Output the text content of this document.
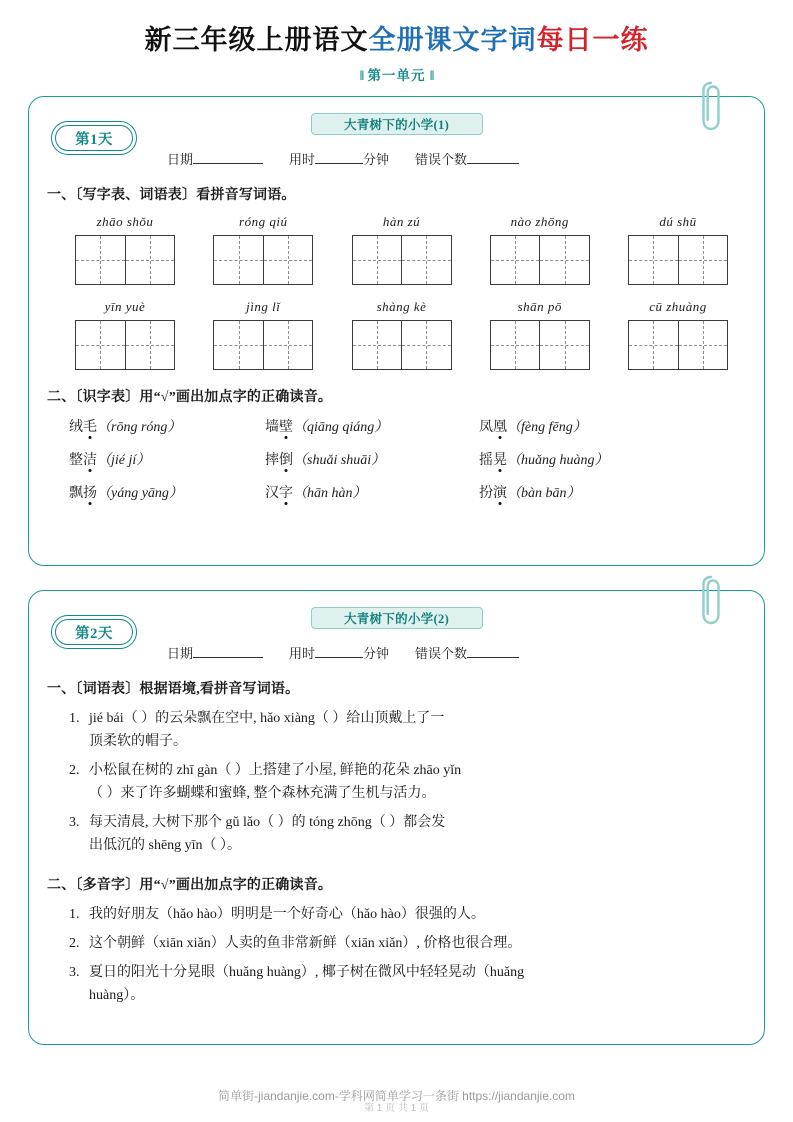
新三年级上册语文全册课文字词每日一练
‖ 第一单元 ‖
第1天
大青树下的小学(1)
日期	用时	分钟 错误个数
一、〔写字表、词语表〕看拼音写词语。
zhāo shǒu	róng qiú	hàn zú	nào zhōng	dú shū
yīn yuè	jìng lǐ	shàng kè	shān pō	cū zhuàng
二、〔识字表〕用“√”画出加点字的正确读音。
绒毛（rōng róng）	墙壁（qiāng qiáng）	凤凰（fèng fēng）
整洁（jié jí）	摔倒（shuǎi shuāi）	摇晃（huǎng huàng）
飘扬（yáng yāng）	汉字（hān hàn）	扮演（bàn bān）
第2天
大青树下的小学(2)
日期	用时	分钟 错误个数
一、〔词语表〕根据语境,看拼音写词语。
1. jié bái（ ）的云朵飘在空中, hǎo xiàng（ ）给山顶戴上了一
顶柔软的帽子。
2. 小松鼠在树的 zhī gàn（ ）上搭建了小屋, 鲜艳的花朵 zhāo yǐn
（ ）来了许多蝴蝶和蜜蜂, 整个森林充满了生机与活力。
3. 每天清晨, 大树下那个 gǔ lǎo（ ）的 tóng zhōng（ ）都会发
出低沉的 shēng yīn（ ）。
二、〔多音字〕用“√”画出加点字的正确读音。
1. 我的好朋友（hǎo hào）明明是一个好奇心（hǎo hào）很强的人。
2. 这个朝鲜（xiān xiǎn）人卖的鱼非常新鲜（xiān xiǎn）, 价格也很合理。
3. 夏日的阳光十分晃眼（huǎng huàng）, 椰子树在微风中轻轻晃动（huǎng
huàng）。
简单街-jiandanjie.com-学科网简单学习一条街 https://jiandanjie.com
第 1 页 共 1 页
